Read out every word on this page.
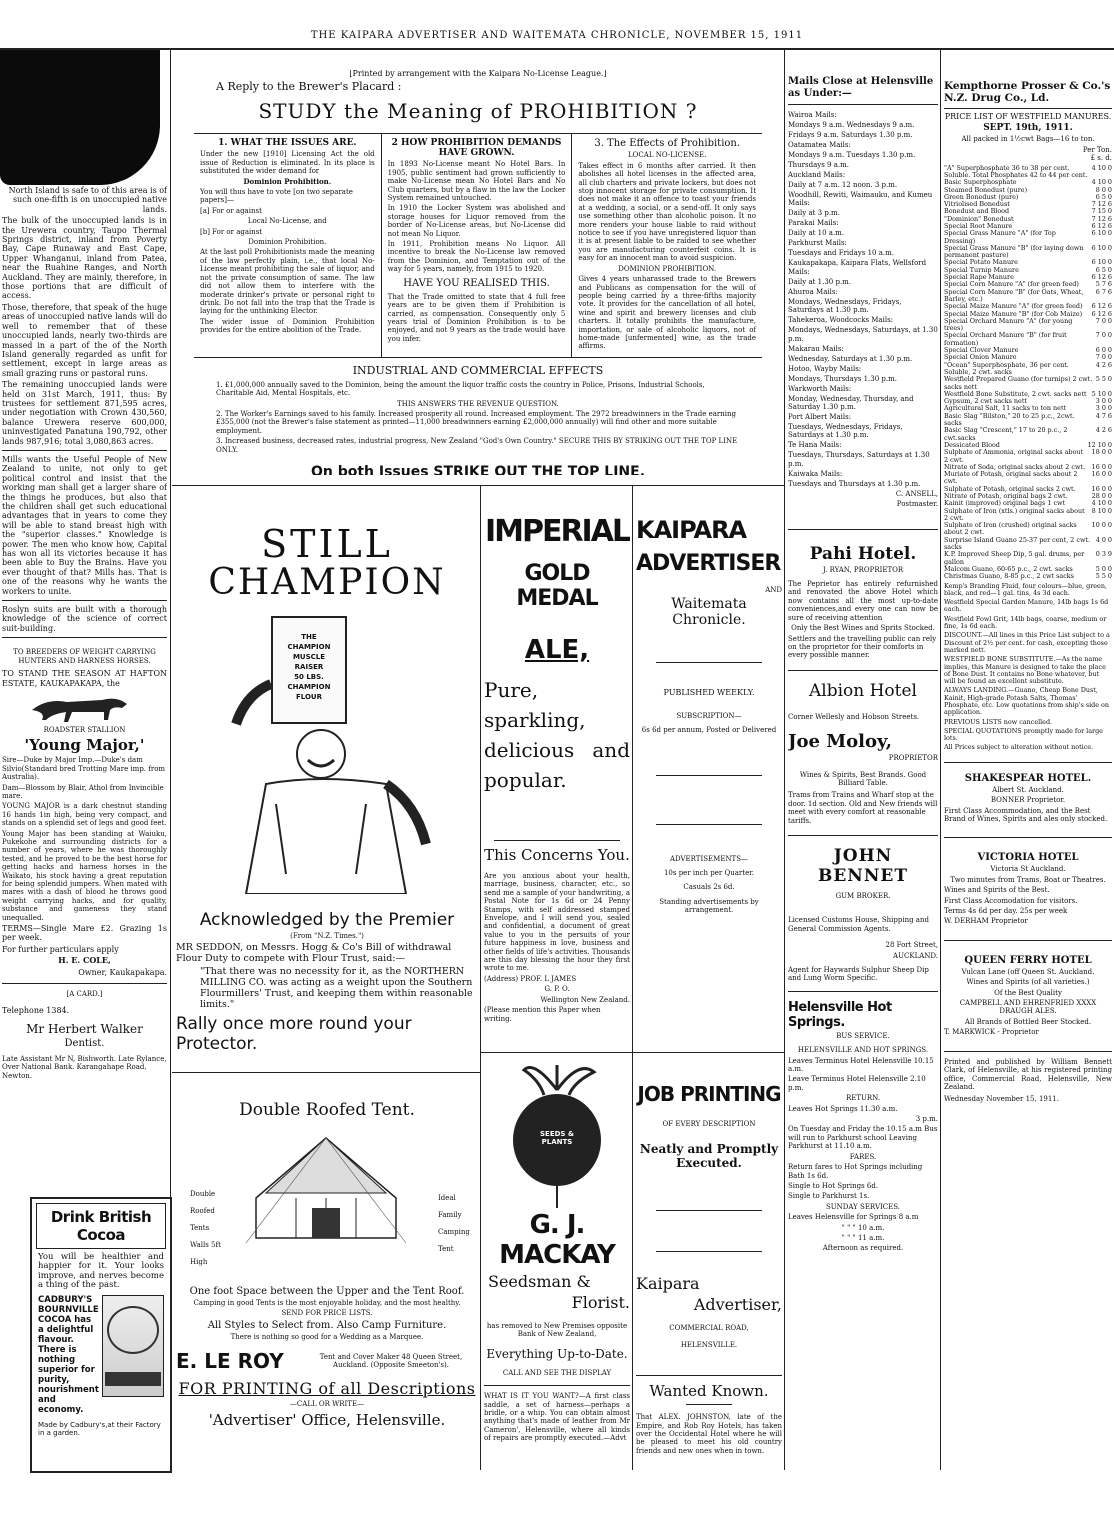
THE KAIPARA ADVERTISER AND WAITEMATA CHRONICLE, NOVEMBER 15, 1911

North Island is safe to of this area is of such one-fifth is on unoccupied native lands.

The bulk of the unoccupied lands is in the Urewera country, Taupo Thermal Springs district, inland from Poverty Bay, Cape Runaway and East Cape, Upper Whanganui, inland from Patea, near the Ruahine Ranges, and North Auckland. They are mainly, therefore, in those portions that are difficult of access.

Those, therefore, that speak of the huge areas of unoccupied native lands will do well to remember that of these unoccupied lands, nearly two-thirds are massed in a part of the of the North Island generally regarded as unfit for settlement, except in large areas as small grazing runs or pastoral runs.

The remaining unoccupied lands were held on 31st March, 1911, thus: By trustees for settlement 871,595 acres, under negotiation with Crown 430,560, balance Urewera reserve 600,000, uninvestigated Panatuna 190,792, other lands 987,916; total 3,080,863 acres.

Mills wants the Useful People of New Zealand to unite, not only to get political control and insist that the working man shall get a larger share of the things he produces, but also that the children shall get such educational advantages that in years to come they will be able to stand breast high with the "superior classes." Knowledge is power. The men who know how, Capital has won all its victories because it has been able to Buy the Brains. Have you ever thought of that? Mills has. That is one of the reasons why he wants the workers to unite.

Roslyn suits are built with a thorough knowledge of the science of correct suit-building.

TO BREEDERS OF WEIGHT CARRYING HUNTERS AND HARNESS HORSES.

TO STAND THE SEASON AT HAFTON ESTATE, KAUKAPAKAPA, the

ROADSTER STALLION

'Young Major,'

Sire—Duke by Major Imp.—Duke's dam Silvio(Standard bred Trotting Mare imp. from Australia).

Dam—Blossom by Blair, Athol from Invincible mare.

YOUNG MAJOR is a dark chestnut standing 16 hands 1in high, being very compact, and stands on a splendid set of legs and good feet.

Young Major has been standing at Waiuku, Pukekohe and surrounding districts for a number of years, where he was thoroughly tested, and he proved to be the best horse for getting hacks and harness horses in the Waikato, his stock having a great reputation for being splendid jumpers. When mated with mares with a dash of blood he throws good weight carrying hacks, and for quality, substance and gameness they stand unequalled.

TERMS—Single Mare £2. Grazing 1s per week.

For further particulars apply

H. E. COLE,

Owner, Kaukapakapa.

[A CARD.]

Telephone 1384.

Mr Herbert Walker

Dentist.

Late Assistant Mr N, Bishworth. Late Rylance, Over National Bank. Karangahape Road, Newton.

Drink British Cocoa

You will be healthier and happier for it. Your looks improve, and nerves become a thing of the past.

CADBURY'S BOURNVILLE COCOA has a delightful flavour. There is nothing superior for purity, nourishment and economy.

Made by Cadbury's,at their Factory in a garden.

[Printed by arrangement with the Kaipara No-License League.]

A Reply to the Brewer's Placard :

STUDY the Meaning of PROHIBITION ?

1. WHAT THE ISSUES ARE.

Under the new [1910] Licensing Act the old issue of Reduction is eliminated. In its place is substituted the wider demand for

Dominion Prohibition.

You will thus have to vote [on two separate papers]—

[a] For or against

Local No-License, and

[b] For or against

Dominion Prohibition.

At the last poll Prohibitionists made the meaning of the law perfectly plain, i.e., that local No-License meant prohibiting the sale of liquor, and not the private consumption of same. The law did not allow them to interfere with the moderate drinker's private or personal right to drink. Do not fall into the trap that the Trade is laying for the unthinking Elector.

The wider issue of Dominion Prohibition provides for the entire abolition of the Trade.

2 HOW PROHIBITION DEMANDS HAVE GROWN.

In 1893 No-License meant No Hotel Bars. In 1905, public sentiment had grown sufficiently to make No-License mean No Hotel Bars and No Club quarters, but by a flaw in the law the Locker System remained untouched.

In 1910 the Locker System was abolished and storage houses for Liquor removed from the border of No-License areas, but No-License did not mean No Liquor.

In 1911, Prohibition means No Liquor. All incentive to break the No-License law removed from the Dominion, and Temptation out of the way for 5 years, namely, from 1915 to 1920.

HAVE YOU REALISED THIS.

That the Trade omitted to state that 4 full free years are to be given them if Prohibition is carried, as compensation. Consequently only 5 years trial of Dominion Prohibition is to be enjoyed, and not 9 years as the trade would have you infer.

3. The Effects of Prohibition.

LOCAL NO-LICENSE.

Takes effect in 6 months after carried. It then abolishes all hotel licenses in the affected area, all club charters and private lockers, but does not stop innocent storage for private consumption. It does not make it an offence to toast your friends at a wedding, a social, or a send-off. It only says use something other than alcoholic poison. It no more renders your house liable to raid without notice to see if you have unregistered liquor than it is at present liable to be raided to see whether you are manufacturing counterfeit coins. It is easy for an innocent man to avoid suspicion.

DOMINION PROHIBITION.

Gives 4 years unharassed trade to the Brewers and Publicans as compensation for the will of people being carried by a three-fifths majority vote. It provides for the cancellation of all hotel, wine and spirit and brewery licenses and club charters. It totally prohibits the manufacture, importation, or sale of alcoholic liquors, not of home-made [unfermented] wine, as the trade affirms.

INDUSTRIAL AND COMMERCIAL EFFECTS

1. £1,000,000 annually saved to the Dominion, being the amount the liquor traffic costs the country in Police, Prisons, Industrial Schools, Charitable Aid, Mental Hospitals, etc.

THIS ANSWERS THE REVENUE QUESTION.

2. The Worker's Earnings saved to his family. Increased prosperity all round. Increased employment. The 2972 breadwinners in the Trade earning £355,000 (not the Brewer's false statement as printed—11,000 breadwinners earning £2,000,000 annually) will find other and more suitable employment.

3. Increased business, decreased rates, industrial progress, New Zealand "God's Own Country." SECURE THIS BY STRIKING OUT THE TOP LINE ONLY.

On both Issues STRIKE OUT THE TOP LINE.

STILL

CHAMPION

THE
CHAMPION
MUSCLE
RAISER
50 LBS.
CHAMPION
FLOUR

Acknowledged by the Premier

(From "N.Z. Times.")

MR SEDDON, on Messrs. Hogg & Co's Bill of withdrawal Flour Duty to compete with Flour Trust, said:—

"That there was no necessity for it, as the NORTHERN MILLING CO. was acting as a weight upon the Southern Flourmillers' Trust, and keeping them within reasonable limits."

Rally once more round your Protector.

IMPERIAL

GOLD MEDAL

ALE,

Pure, sparkling, delicious and popular.

KAIPARA

ADVERTISER

AND

Waitemata Chronicle.

PUBLISHED WEEKLY.

SUBSCRIPTION—

6s 6d per annum, Posted or Delivered

ADVERTISEMENTS—

10s per inch per Quarter.

Casuals 2s 6d.

Standing advertisements by arrangement.

This Concerns You.

Are you anxious about your health, marriage, business, character, etc., so send me a sample of your handwriting, a Postal Note for 1s 6d or 24 Penny Stamps, with self addressed stamped Envelope, and I will send you, sealed and confidential, a document of great value to you in the persuits of your future happiness in love, business and other fields of life's activities. Thousands are this day blessing the hour they first wrote to me.

(Address) PROF. L JAMES

G. P. O.

Wellington New Zealand.

(Please mention this Paper when writing.

Double Roofed Tent.

Double
Roofed
Tents
Walls 5ft
High
Ideal
Family
Camping
Tent

One foot Space between the Upper and the Tent Roof.

Camping in good Tents is the most enjoyable holiday, and the most healthy.

SEND FOR PRICE LISTS.

All Styles to Select from. Also Camp Furniture.

There is nothing so good for a Wedding as a Marquee.

E. LE ROY	Tent and Cover Maker 48 Queen Street, Auckland. (Opposite Smeeton's).

FOR PRINTING of all Descriptions

—CALL OR WRITE—

'Advertiser' Office, Helensville.

SEEDS & PLANTS

G. J. MACKAY

Seedsman &

Florist.

has removed to New Premises opposite Bank of New Zealand,

Everything Up-to-Date.

CALL AND SEE THE DISPLAY

WHAT IS IT YOU WANT?—A first class saddle, a set of harness—perhaps a bridle, or a whip. You can obtain almost anything that's made of leather from Mr Cameron', Helensville, where all kinds of repairs are promptly executed.—Advt

JOB PRINTING

OF EVERY DESCRIPTION

Neatly and Promptly Executed.

Kaipara

Advertiser,

COMMERCIAL ROAD,

HELENSVILLE.

Wanted Known.

That ALEX. JOHNSTON, late of the Empire, and Rob Roy Hotels, has taken over the Occidental Hotel where he will be pleased to meet his old country friends and new ones when in town.

Mails Close at Helensville as Under:—

Wairoa Mails:

Mondays 9 a.m. Wednesdays 9 a.m.

Fridays 9 a.m. Saturdays 1.30 p.m.

Oatamatea Mails:

Mondays 9 a.m. Tuesdays 1.30 p.m.

Thursdays 9 a.m.

Auckland Mails:

Daily at 7 a.m. 12 noon. 3 p.m.

Woodhill, Rewiti, Waimauku, and Kumeu Mails:

Daily at 3 p.m.

Parakai Mails:

Daily at 10 a.m.

Parkhurst Mails:

Tuesdays and Fridays 10 a.m.

Kaukapakapa, Kaipara Flats, Wellsford Mails:

Daily at 1.30 p.m.

Ahuroa Mails:

Mondays, Wednesdays, Fridays, Saturdays at 1.30 p.m.

Tahekeroa, Woodcocks Mails:

Mondays, Wednesdays, Saturdays, at 1.30 p.m.

Makarau Mails:

Wednesday, Saturdays at 1.30 p.m.

Hotoo, Wayby Mails:

Mondays, Thursdays 1.30 p.m.

Warkworth Mails:

Monday, Wednesday, Thursday, and Saturday 1.30 p.m.

Port Albert Mails:

Tuesdays, Wednesdays, Fridays, Saturdays at 1.30 p.m.

Te Hana Mails:

Tuesdays, Thursdays, Saturdays at 1.30 p.m.

Kaiwaka Mails:

Tuesdays and Thursdays at 1.30 p.m.

C. ANSELL,

Postmaster.

Pahi Hotel.

J. RYAN, PROPRIETOR

The Peprietor has entirely refurnished and renovated the above Hotel which now contains all the most up-to-date conveniences,and every one can now be sure of receiving attention

Only the Best Wines and Sprits Stocked.

Settlers and the travelling public can rely on the proprietor for their comforts in every possible manner.

Albion Hotel

Corner Wellesly and Hobson Streets.

Joe Moloy,

PROPRIETOR

Wines & Spirits, Best Brands. Good Billiard Table.

Trams from Trains and Wharf stop at the door. 1d section. Old and New friends will meet with every comfort at reasonable tariffs.

JOHN BENNET

GUM BROKER.

Licensed Customs House, Shipping and General Commission Agents.

28 Fort Street,

AUCKLAND.

Agent for Haywards Sulphur Sheep Dip and Lung Worm Specific.

Helensville Hot Springs.

BUS SERVICE.

HELENSVILLE AND HOT SPRINGS.

Leaves Terminus Hotel Helensville 10.15 a.m.

Leave Terminus Hotel Helensville 2.10 p.m.

RETURN.

Leaves Hot Springs 11.30 a.m.

3 p.m.

On Tuesday and Friday the 10.15 a.m Bus will run to Parkhurst school Leaving Parkhurst at 11.10 a.m.

FARES.

Return fares to Hot Springs including Bath 1s 6d.

Single to Hot Springs 6d.

Single to Parkhurst 1s.

SUNDAY SERVICES.

Leaves Helensville for Springs 8 a.m

" " " 10 a.m.

" " " 11 a.m.

Afternoon as required.

Kempthorne Prosser & Co.'s N.Z. Drug Co., Ld.

PRICE LIST OF WESTFIELD MANURES.

SEPT. 19th, 1911.

All packed in 1½cwt Bags—16 to ton.

Per Ton.

£ s. d.

"A" Superphosphate 36 to 38 per cent. Soluble. Total Phosphates 42 to 44 per cent.
4 10 0
Basic Superphosphate	4 10 0
Steamed Bonedust (pure)	8 0 0
Green Bonedust (pure)	6 5 0
Vitriolised Bonedust	7 12 6
Bonedust and Blood	7 15 0
"Dominion" Bonedust	7 12 6
Special Root Manure	6 12 6
Special Grass Manure "A" (for Top Dressing)
6 10 0
Special Grass Manure "B" (for laying down permanent pasture)
6 10 0
Special Potato Manure	6 10 0
Special Turnip Manure	6 5 0
Special Rape Manure	6 12 6
Special Corn Manure "A" (for green feed)	5 7 6
Special Corn Manure "B" (for Oats, Wheat, Barley, etc.)
6 7 6
Special Maize Manure "A" (for green feed) 6 12 6
Special Maize Manure "B" (for Cob Maize) 6 12 6
Special Orchard Manure "A" (for young trees)
7 0 0
Special Orchard Manure "B" (for fruit formation)
7 0 0
Special Clover Manure	6 0 0
Special Onion Manure	7 0 0
"Ocean" Superphosphate, 36 per cent. Soluble, 2 cwt. sacks
4 2 6
Westfield Prepared Guano (for turnips) 2 cwt. sacks nett
5 5 0
Westfield Bone Substitute, 2 cwt. sacks nett 5 10 0
Gypsum, 2 cwt sacks nett	3 0 0
Agricultural Salt, 11 sacks to ton nett	3 0 0
Basic Slag "Bilston," 20 to 25 p.c., 2cwt. sacks
4 7 6
Basic Slag "Crescent," 17 to 20 p.c., 2 cwt.sacks
4 2 6
Dessicated Blood	12 10 0
Sulphate of Ammonia, original sacks about 2 cwt.
18 0 0
Nitrate of Soda, original sacks about 2 cwt. 16 0 0
Muriate of Potash, original sacks about 2 cwt.
16 0 0
Sulphate of Potash, original sacks 2 cwt.	16 0 0
Nitrate of Potash, original bags 2 cwt.	28 0 0
Kainit (improved) original bags 1 cwt	4 10 0
Sulphate of Iron (xtls.) original sacks about 2 cwt.
8 10 0
Sulphate of Iron (crushed) original sacks about 2 cwt.
10 0 0
Surprise Island Guano 25-37 per cent, 2 cwt. sacks
4 0 0
K.P. Improved Sheep Dip, 5 gal. drums, per gallon
0 3 9
Malcom Guano, 60-65 p.c., 2 cwt. sacks	5 0 0
Christmas Guano, 8-85 p.c., 2 cwt sacks	5 5 0

Kemp's Branding Fluid, four colours—blue, green, black, and red—1 gal. tins, 4s 3d each.

Westfield Special Garden Manure, 14lb bags 1s 6d each.

Westfield Fowl Grit, 14lb bags, coarse, medium or fine, 1s 6d each.

DISCOUNT.—All lines in this Price List subject to a Discount of 2½ per cent. for cash, excepting those marked nett.

WESTFIELD BONE SUBSTITUTE.—As the name implies, this Manure is designed to take the place of Bone Dust. It contains no Bone whatever, but will be found an excellent substitute.

ALWAYS LANDING.—Guano, Cheap Bone Dust, Kainit, High-grade Potash Salts, Thomas' Phosphate, etc. Low quotations from ship's side on application.

PREVIOUS LISTS now cancelled.

SPECIAL QUOTATIONS promptly made for large lots.

All Prices subject to alteration without notice.

SHAKESPEAR HOTEL.

Albert St. Auckland.

BONNER Proprietor.

First Class Accommodation, and the Best Brand of Wines, Spirits and ales only stocked.

VICTORIA HOTEL

Victoria St Auckland.

Two minutes from Trams, Boat or Theatres.

Wines and Spirits of the Best.

First Class Accomodation for visitors.

Terms 4s 6d per day. 25s per week

W. DERHAM Proprietor

QUEEN FERRY HOTEL

Vulcan Lane (off Queen St. Auckland.

Wines and Spirits (of all varieties.)

Of the Best Quality

CAMPBELL AND EHRENFRIED XXXX DRAUGH ALES.

All Brands of Bottled Beer Stocked.

T. MARKWICK - Proprietor

Printed and published by William Bennett Clark, of Helensville, at his registered printing office, Commercial Road, Helensville, New Zealand.

Wednesday November 15, 1911.
